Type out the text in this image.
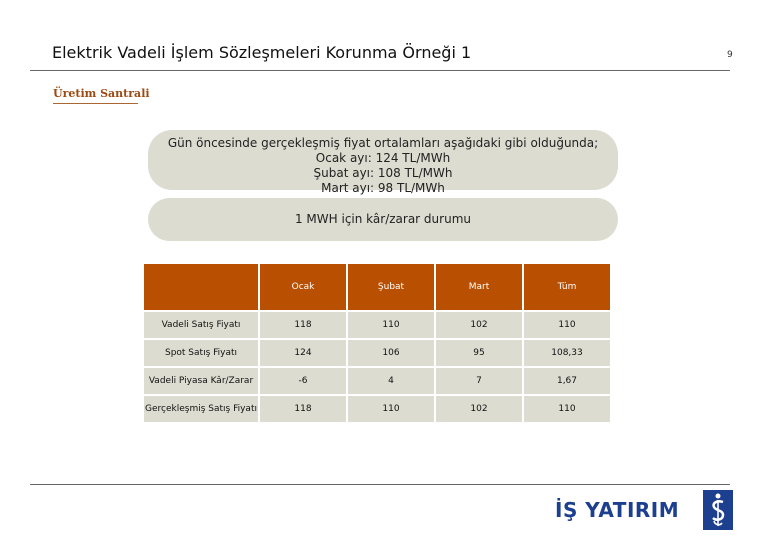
Elektrik Vadeli İşlem Sözleşmeleri Korunma Örneği 1	9
Üretim Santrali
Gün öncesinde gerçekleşmiş fiyat ortalamları aşağıdaki gibi olduğunda;
Ocak ayı: 124 TL/MWh
Şubat ayı: 108 TL/MWh
Mart ayı: 98 TL/MWh
1 MWH için kâr/zarar durumu
	Ocak	Şubat	Mart	Tüm
Vadeli Satış Fiyatı	118	110	102	110
Spot Satış Fiyatı	124	106	95	108,33
Vadeli Piyasa Kâr/Zarar	-6	4	7	1,67
Gerçekleşmiş Satış Fiyatı	118	110	102	110
İŞ YATIRIM
